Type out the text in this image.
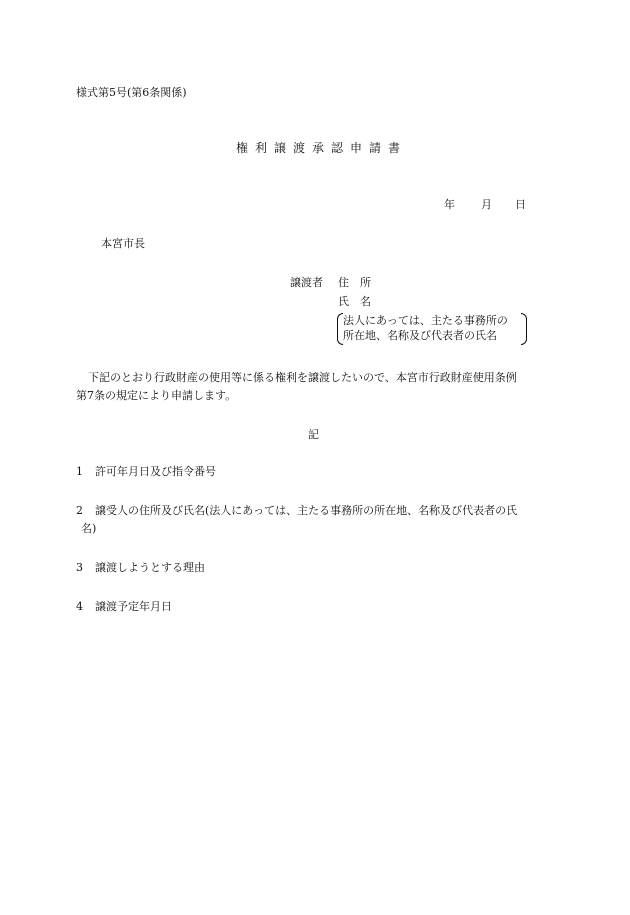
様式第5号(第6条関係)
権利譲渡承認申請書
年 月 日
本宮市長
譲渡者 住　所
氏　名
法人にあっては、主たる事務所の
所在地、名称及び代表者の氏名
下記のとおり行政財産の使用等に係る権利を譲渡したいので、本宮市行政財産使用条例
第7条の規定により申請します。
記
1 許可年月日及び指令番号
2 譲受人の住所及び氏名(法人にあっては、主たる事務所の所在地、名称及び代表者の氏
名)
3 譲渡しようとする理由
4 譲渡予定年月日
